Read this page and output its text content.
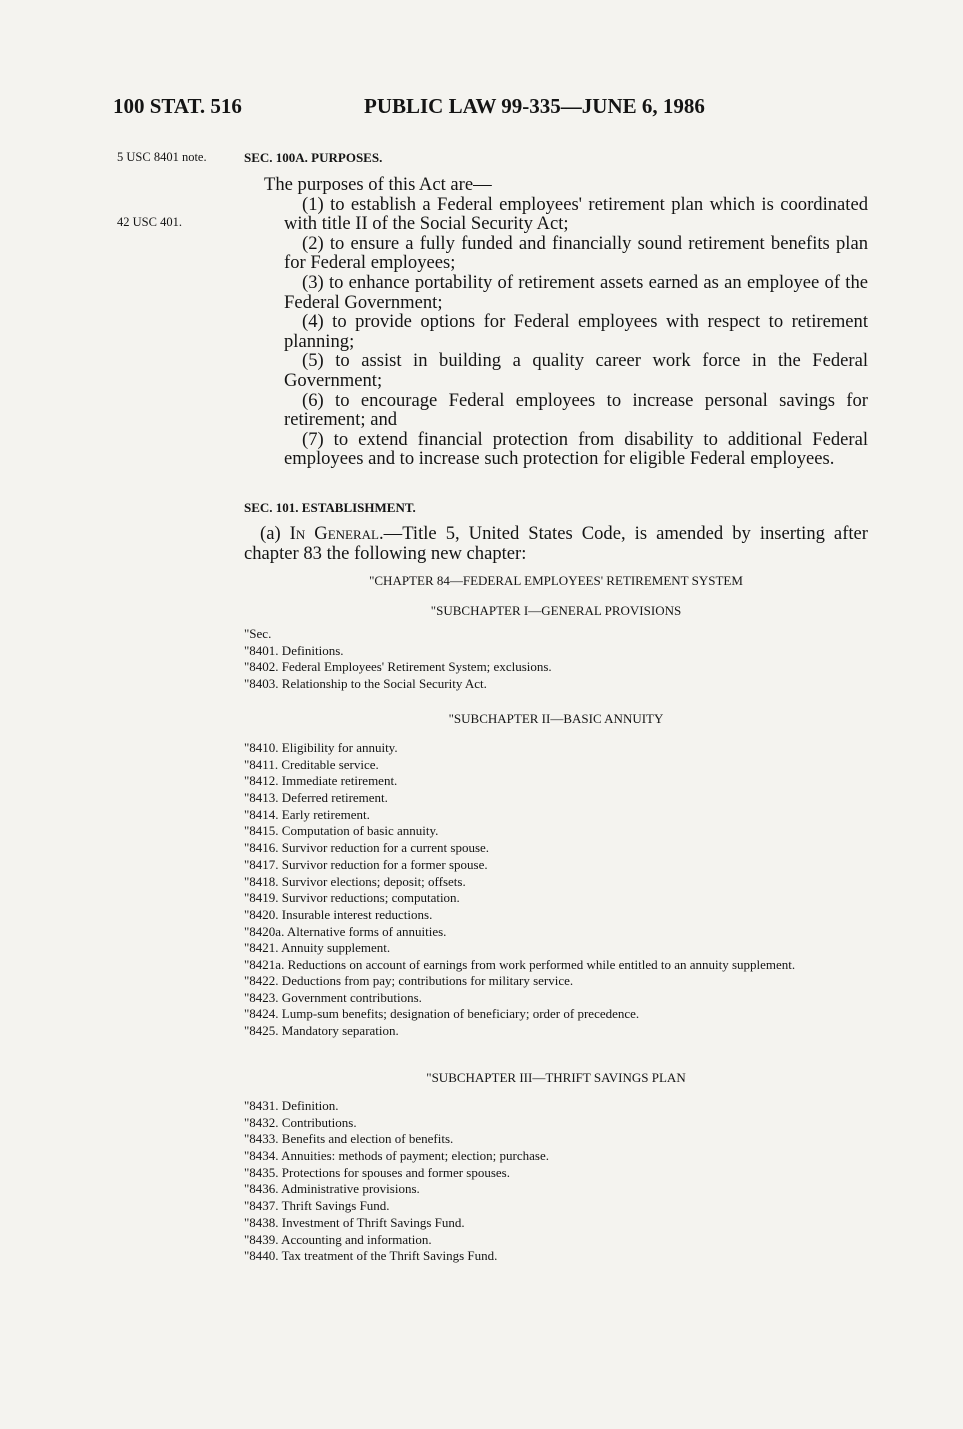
100 STAT. 516	PUBLIC LAW 99-335—JUNE 6, 1986
5 USC 8401 note.	SEC. 100A. PURPOSES.
42 USC 401.

The purposes of this Act are—

(1) to establish a Federal employees' retirement plan which is coordinated with title II of the Social Security Act;

(2) to ensure a fully funded and financially sound retirement benefits plan for Federal employees;

(3) to enhance portability of retirement assets earned as an employee of the Federal Government;

(4) to provide options for Federal employees with respect to retirement planning;

(5) to assist in building a quality career work force in the Federal Government;

(6) to encourage Federal employees to increase personal savings for retirement; and

(7) to extend financial protection from disability to additional Federal employees and to increase such protection for eligible Federal employees.

SEC. 101. ESTABLISHMENT.

(a) In General.—Title 5, United States Code, is amended by inserting after chapter 83 the following new chapter:

"CHAPTER 84—FEDERAL EMPLOYEES' RETIREMENT SYSTEM
"SUBCHAPTER I—GENERAL PROVISIONS
"Sec.
"8401. Definitions.
"8402. Federal Employees' Retirement System; exclusions.
"8403. Relationship to the Social Security Act.
"SUBCHAPTER II—BASIC ANNUITY
"8410. Eligibility for annuity.
"8411. Creditable service.
"8412. Immediate retirement.
"8413. Deferred retirement.
"8414. Early retirement.
"8415. Computation of basic annuity.
"8416. Survivor reduction for a current spouse.
"8417. Survivor reduction for a former spouse.
"8418. Survivor elections; deposit; offsets.
"8419. Survivor reductions; computation.
"8420. Insurable interest reductions.
"8420a. Alternative forms of annuities.
"8421. Annuity supplement.
"8421a. Reductions on account of earnings from work performed while entitled to an annuity supplement.
"8422. Deductions from pay; contributions for military service.
"8423. Government contributions.
"8424. Lump-sum benefits; designation of beneficiary; order of precedence.
"8425. Mandatory separation.
"SUBCHAPTER III—THRIFT SAVINGS PLAN
"8431. Definition.
"8432. Contributions.
"8433. Benefits and election of benefits.
"8434. Annuities: methods of payment; election; purchase.
"8435. Protections for spouses and former spouses.
"8436. Administrative provisions.
"8437. Thrift Savings Fund.
"8438. Investment of Thrift Savings Fund.
"8439. Accounting and information.
"8440. Tax treatment of the Thrift Savings Fund.
